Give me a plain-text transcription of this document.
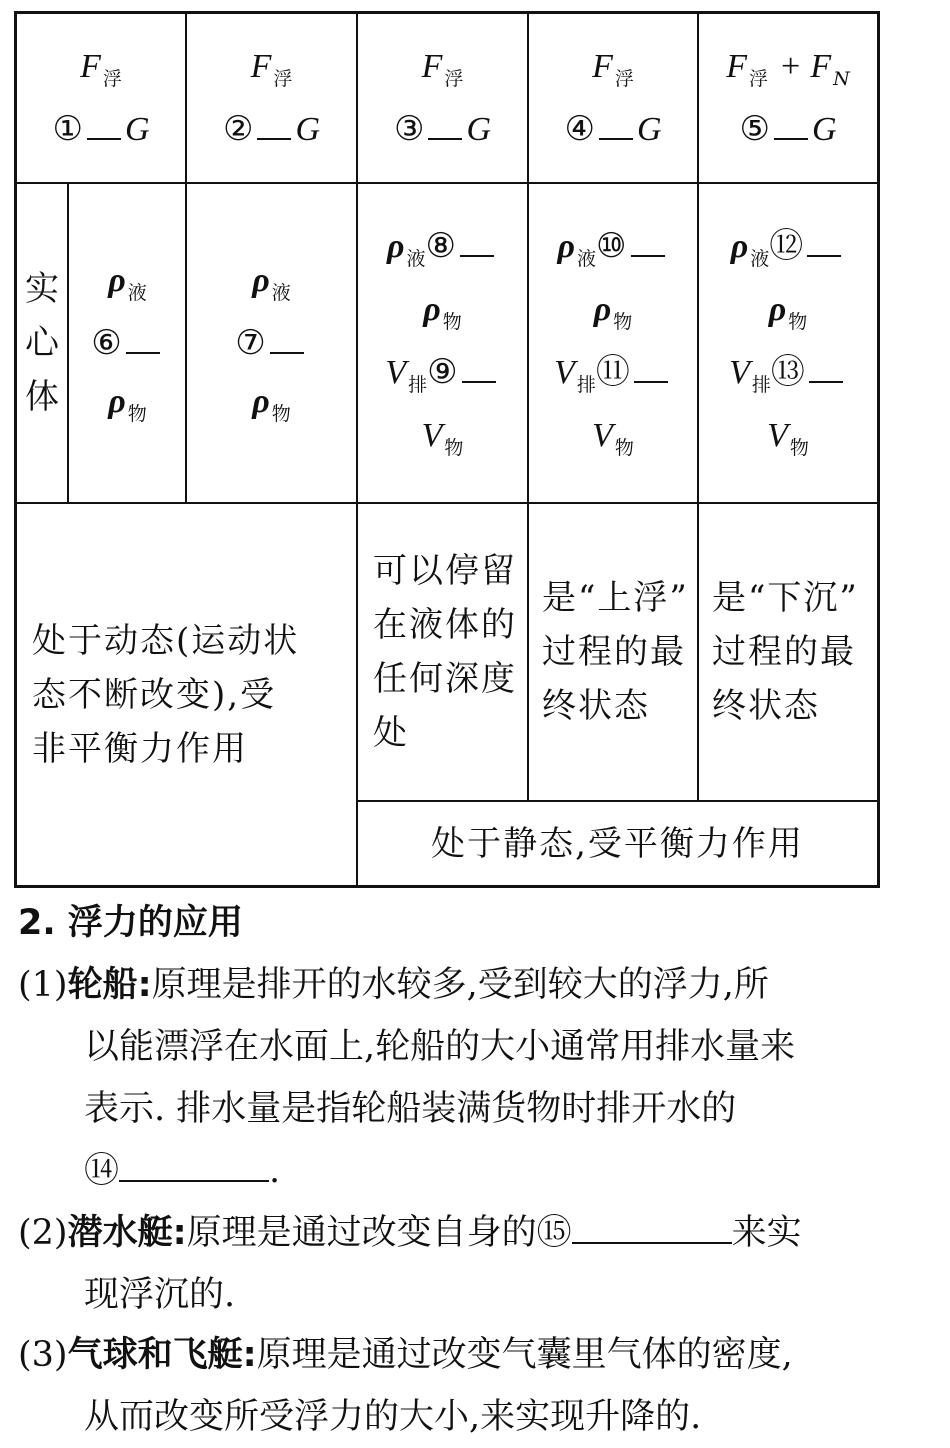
F $_浮$
① G
F $_浮$
② G
F $_浮$
③ G
F $_浮$
④ G
F $_浮$ + F $_N$
⑤ G
实
心
体
ρ $_液$
⑥
ρ $_物$
ρ $_液$
⑦
ρ $_物$
ρ $_液$⑧
ρ $_物$
V $_排$⑨
V $_物$
ρ $_液$⑩
ρ $_物$
V $_排$⑪
V $_物$
ρ $_液$⑫
ρ $_物$
V $_排$⑬
V $_物$
处于动态(运动状
态不断改变),受
非平衡力作用
可以停留
在液体的
任何深度
处
是“上浮”
过程的最
终状态
是“下沉”
过程的最
终状态
处于静态,受平衡力作用
2. 浮力的应用
(1)轮船:原理是排开的水较多,受到较大的浮力,所
以能漂浮在水面上,轮船的大小通常用排水量来
表示. 排水量是指轮船装满货物时排开水的
⑭	.
(2)潜水艇:原理是通过改变自身的⑮	来实
现浮沉的.
(3)气球和飞艇:原理是通过改变气囊里气体的密度,
从而改变所受浮力的大小,来实现升降的.
